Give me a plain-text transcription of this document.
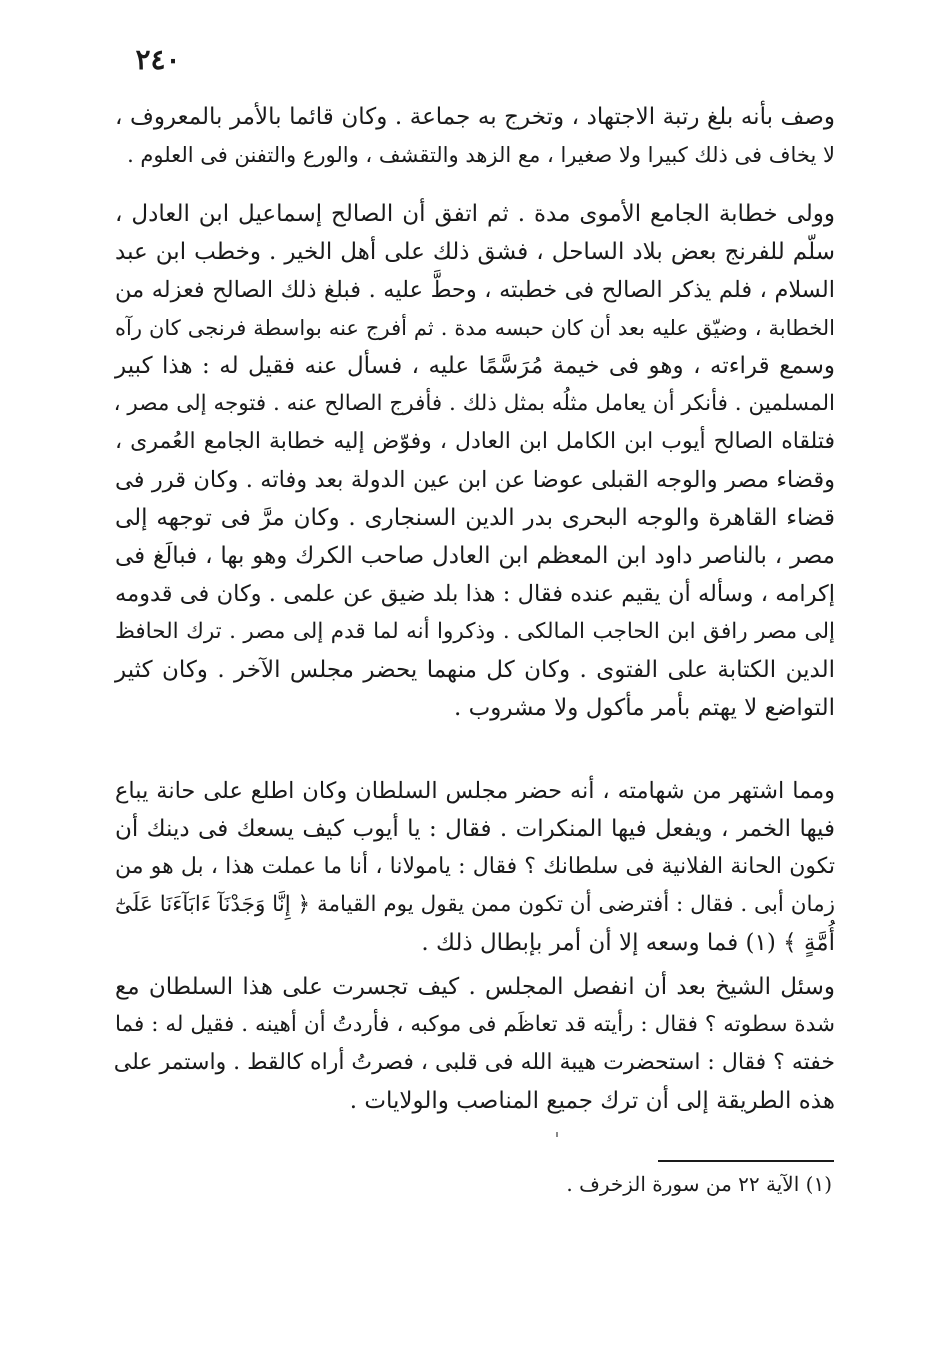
٢٤٠
وصف بأنه بلغ رتبة الاجتهاد ، وتخرج به جماعة . وكان قائما بالأمر بالمعروف ،
لا يخاف فى ذلك كبيرا ولا صغيرا ، مع الزهد والتقشف ، والورع والتفنن فى العلوم .
وولى خطابة الجامع الأموى مدة . ثم اتفق أن الصالح إسماعيل ابن العادل ،
سلّم للفرنج بعض بلاد الساحل ، فشق ذلك على أهل الخير . وخطب ابن عبد
السلام ، فلم يذكر الصالح فى خطبته ، وحطَّ عليه . فبلغ ذلك الصالح فعزله من
الخطابة ، وضيّق عليه بعد أن كان حبسه مدة . ثم أفرج عنه بواسطة فرنجى كان رآه
وسمع قراءته ، وهو فى خيمة مُرَسَّمًا عليه ، فسأل عنه فقيل له : هذا كبير
المسلمين . فأنكر أن يعامل مثلُه بمثل ذلك . فأفرج الصالح عنه . فتوجه إلى مصر ،
فتلقاه الصالح أيوب ابن الكامل ابن العادل ، وفوّض إليه خطابة الجامع العُمرى ،
وقضاء مصر والوجه القبلى عوضا عن ابن عين الدولة بعد وفاته . وكان قرر فى
قضاء القاهرة والوجه البحرى بدر الدين السنجارى . وكان مرَّ فى توجهه إلى
مصر ، بالناصر داود ابن المعظم ابن العادل صاحب الكرك وهو بها ، فبالَغ فى
إكرامه ، وسأله أن يقيم عنده فقال : هذا بلد ضيق عن علمى . وكان فى قدومه
إلى مصر رافق ابن الحاجب المالكى . وذكروا أنه لما قدم إلى مصر . ترك الحافظ
الدين الكتابة على الفتوى . وكان كل منهما يحضر مجلس الآخر . وكان كثير
التواضع لا يهتم بأمر مأكول ولا مشروب .
ومما اشتهر من شهامته ، أنه حضر مجلس السلطان وكان اطلع على حانة يباع
فيها الخمر ، ويفعل فيها المنكرات . فقال : يا أيوب كيف يسعك فى دينك أن
تكون الحانة الفلانية فى سلطانك ؟ فقال : يامولانا ، أنا ما عملت هذا ، بل هو من
زمان أبى . فقال : أفترضى أن تكون ممن يقول يوم القيامة ﴿ إِنَّا وَجَدْنَآ ءَابَآءَنَا عَلَىٰٓ
أُمَّةٍ ﴾ (١) فما وسعه إلا أن أمر بإبطال ذلك .
وسئل الشيخ بعد أن انفصل المجلس . كيف تجسرت على هذا السلطان مع
شدة سطوته ؟ فقال : رأيته قد تعاظَم فى موكبه ، فأردتُ أن أهينه . فقيل له : فما
خفته ؟ فقال : استحضرت هيبة الله فى قلبى ، فصرتُ أراه كالقط . واستمر على
هذه الطريقة إلى أن ترك جميع المناصب والولايات .
(١) الآية ٢٢ من سورة الزخرف .
